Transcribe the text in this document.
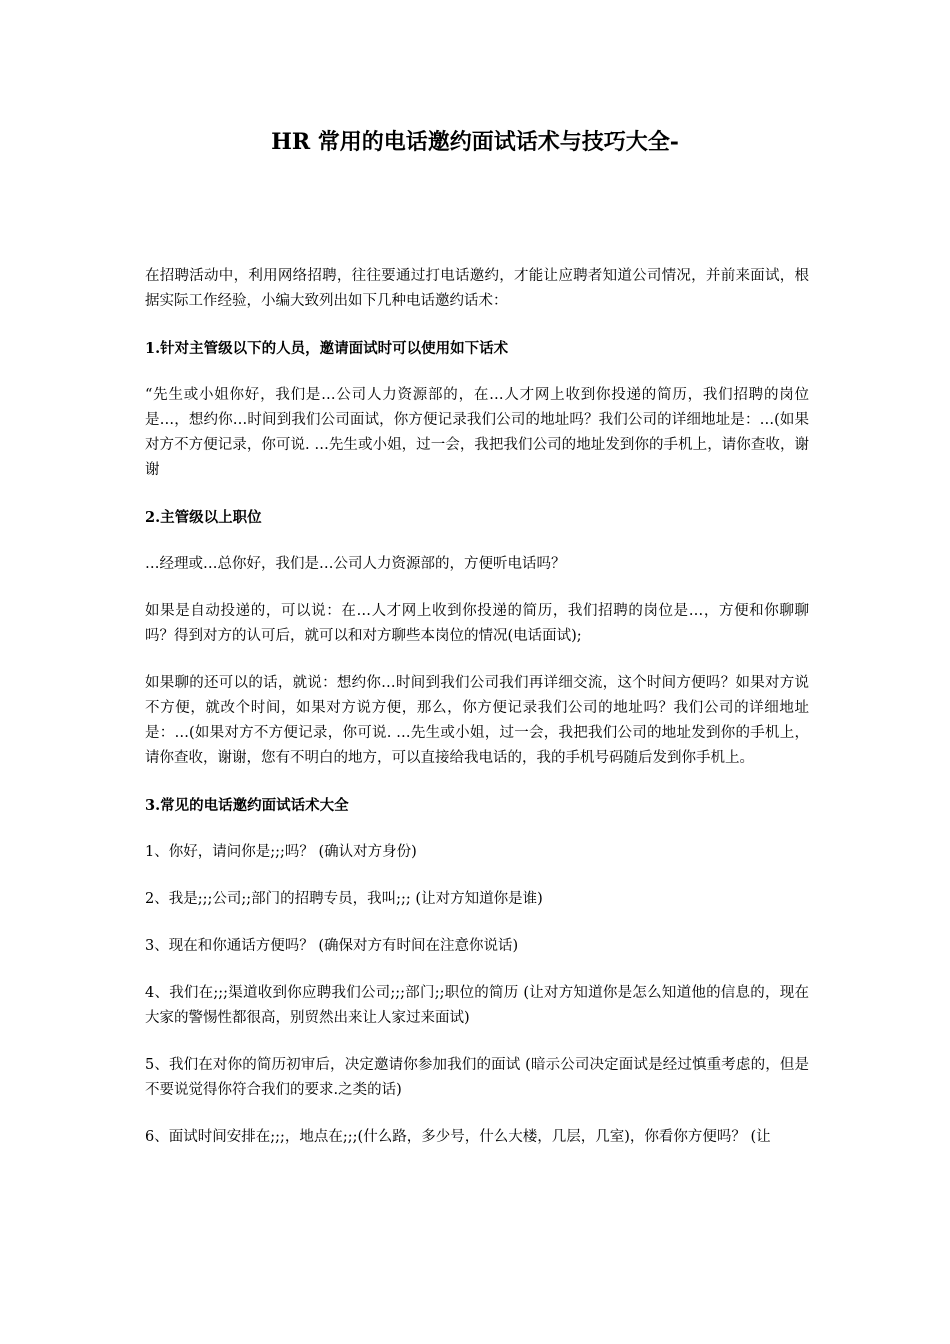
HR 常用的电话邀约面试话术与技巧大全-

在招聘活动中，利用网络招聘，往往要通过打电话邀约，才能让应聘者知道公司情况，并前来面试，根据实际工作经验，小编大致列出如下几种电话邀约话术：

1.针对主管级以下的人员，邀请面试时可以使用如下话术

“先生或小姐你好，我们是…公司人力资源部的，在…人才网上收到你投递的简历，我们招聘的岗位是…，想约你…时间到我们公司面试，你方便记录我们公司的地址吗？我们公司的详细地址是：…(如果对方不方便记录，你可说. …先生或小姐，过一会，我把我们公司的地址发到你的手机上，请你查收，谢谢

2.主管级以上职位

…经理或…总你好，我们是…公司人力资源部的，方便听电话吗？

如果是自动投递的，可以说：在…人才网上收到你投递的简历，我们招聘的岗位是…，方便和你聊聊吗？得到对方的认可后，就可以和对方聊些本岗位的情况(电话面试);

如果聊的还可以的话，就说：想约你…时间到我们公司我们再详细交流，这个时间方便吗？如果对方说不方便，就改个时间，如果对方说方便，那么，你方便记录我们公司的地址吗？我们公司的详细地址是：…(如果对方不方便记录，你可说. …先生或小姐，过一会，我把我们公司的地址发到你的手机上，请你查收，谢谢，您有不明白的地方，可以直接给我电话的，我的手机号码随后发到你手机上。

3.常见的电话邀约面试话术大全

1、你好，请问你是;;;吗？ (确认对方身份)

2、我是;;;公司;;部门的招聘专员，我叫;;; (让对方知道你是谁)

3、现在和你通话方便吗？ (确保对方有时间在注意你说话)

4、我们在;;;渠道收到你应聘我们公司;;;部门;;职位的简历 (让对方知道你是怎么知道他的信息的，现在大家的警惕性都很高，别贸然出来让人家过来面试)

5、我们在对你的简历初审后，决定邀请你参加我们的面试 (暗示公司决定面试是经过慎重考虑的，但是不要说觉得你符合我们的要求.之类的话)

6、面试时间安排在;;;，地点在;;;(什么路，多少号，什么大楼，几层，几室)，你看你方便吗？ (让
